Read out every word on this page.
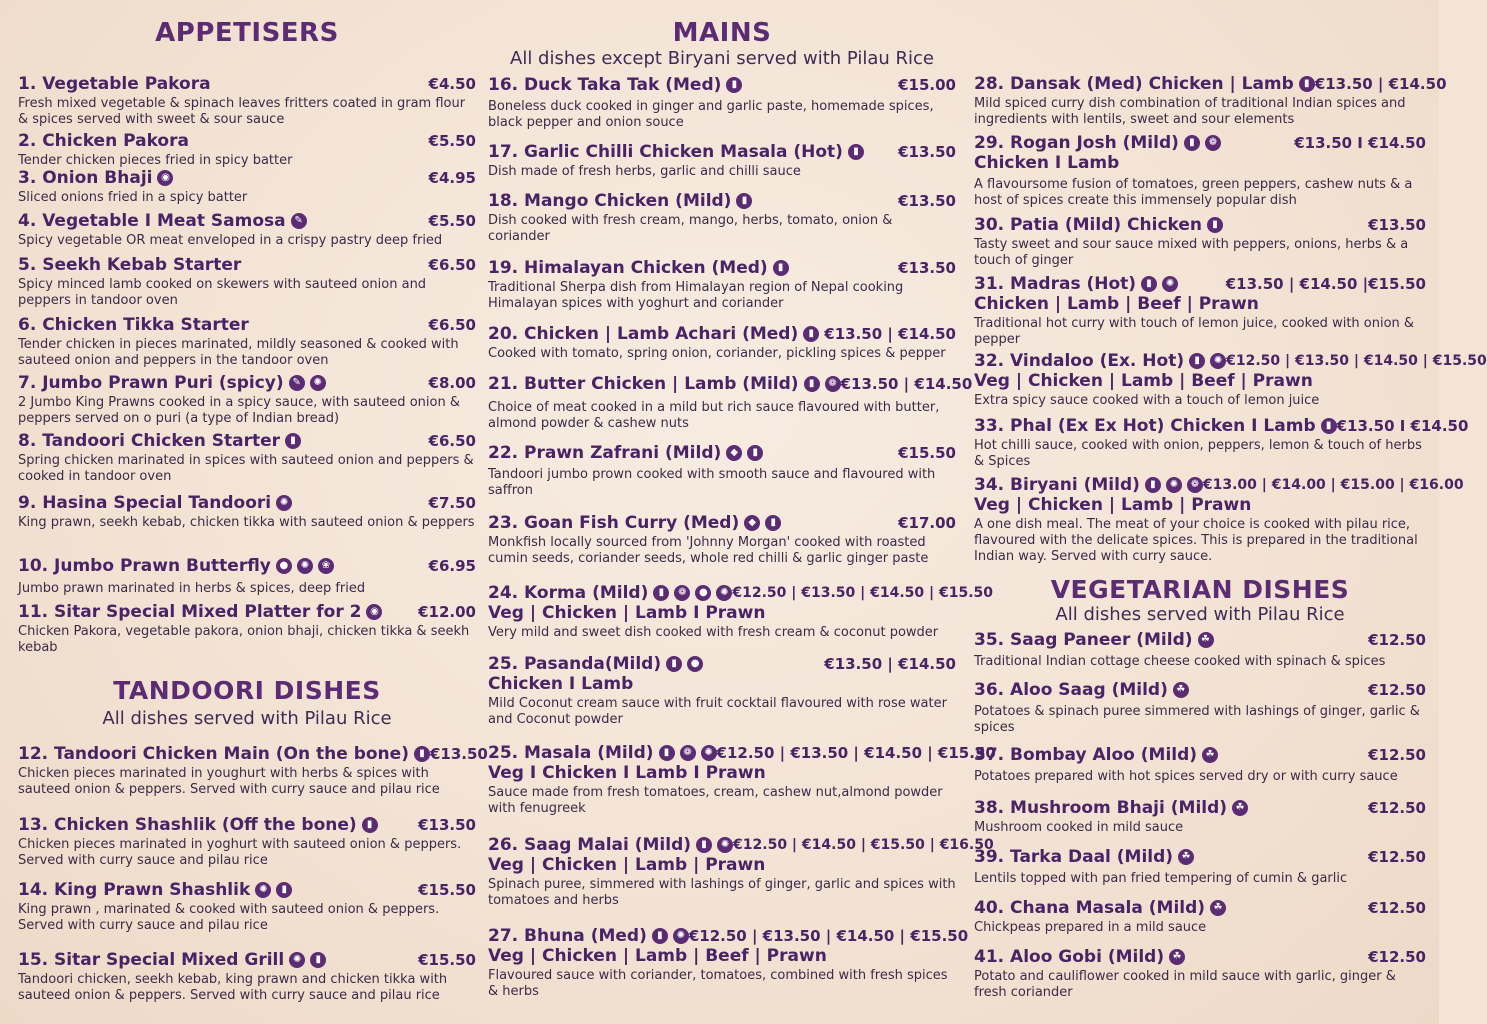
APPETISERS
1. Vegetable Pakora	€4.50
Fresh mixed vegetable & spinach leaves fritters coated in gram flour & spices served with sweet & sour sauce
2. Chicken Pakora	€5.50
Tender chicken pieces fried in spicy batter
3. Onion Bhaji ◉	€4.95
Sliced onions fried in a spicy batter
4. Vegetable I Meat Samosa ✎	€5.50
Spicy vegetable OR meat enveloped in a crispy pastry deep fried
5. Seekh Kebab Starter	€6.50
Spicy minced lamb cooked on skewers with sauteed onion and peppers in tandoor oven
6. Chicken Tikka Starter	€6.50
Tender chicken in pieces marinated, mildly seasoned & cooked with sauteed onion and peppers in the tandoor oven
7. Jumbo Prawn Puri (spicy) ✎	✺	€8.00
2 Jumbo King Prawns cooked in a spicy sauce, with sauteed onion & peppers served on o puri (a type of Indian bread)
8. Tandoori Chicken Starter	▮	€6.50
Spring chicken marinated in spices with sauteed onion and peppers & cooked in tandoor oven
9. Hasina Special Tandoori ✺	€7.50
King prawn, seekh kebab, chicken tikka with sauteed onion & peppers
10. Jumbo Prawn Butterfly ●	✺	❀	€6.95
Jumbo prawn marinated in herbs & spices, deep fried
11. Sitar Special Mixed Platter for 2 ◉	€12.00
Chicken Pakora, vegetable pakora, onion bhaji, chicken tikka & seekh kebab
TANDOORI DISHES
All dishes served with Pilau Rice
12. Tandoori Chicken Main (On the bone)	▮ €13.50
Chicken pieces marinated in youghurt with herbs & spices with sauteed onion & peppers. Served with curry sauce and pilau rice
13. Chicken Shashlik (Off the bone)	▮	€13.50
Chicken pieces marinated in yoghurt with sauteed onion & peppers. Served with curry sauce and pilau rice
14. King Prawn Shashlik ✺	▮	€15.50
King prawn , marinated & cooked with sauteed onion & peppers. Served with curry sauce and pilau rice
15. Sitar Special Mixed Grill ✺	▮	€15.50
Tandoori chicken, seekh kebab, king prawn and chicken tikka with sauteed onion & peppers. Served with curry sauce and pilau rice
MAINS
All dishes except Biryani served with Pilau Rice
16. Duck Taka Tak (Med)	▮	€15.00
Boneless duck cooked in ginger and garlic paste, homemade spices, black pepper and onion souce
17. Garlic Chilli Chicken Masala (Hot)	▮	€13.50
Dish made of fresh herbs, garlic and chilli sauce
18. Mango Chicken (Mild)	▮	€13.50
Dish cooked with fresh cream, mango, herbs, tomato, onion & coriander
19. Himalayan Chicken (Med)	▮	€13.50
Traditional Sherpa dish from Himalayan region of Nepal cooking Himalayan spices with yoghurt and coriander
20. Chicken | Lamb Achari (Med)	▮ €13.50 | €14.50
Cooked with tomato, spring onion, coriander, pickling spices & pepper
21. Butter Chicken | Lamb (Mild)	▮	❁ €13.50 | €14.50
Choice of meat cooked in a mild but rich sauce flavoured with butter, almond powder & cashew nuts
22. Prawn Zafrani (Mild) ◆	▮	€15.50
Tandoori jumbo prown cooked with smooth sauce and flavoured with saffron
23. Goan Fish Curry (Med) ◆	▮	€17.00
Monkfish locally sourced from 'Johnny Morgan' cooked with roasted cumin seeds, coriander seeds, whole red chilli & garlic ginger paste
24. Korma (Mild)	▮	❁	●	✺ €12.50 | €13.50 | €14.50 | €15.50
Veg | Chicken | Lamb I Prawn
Very mild and sweet dish cooked with fresh cream & coconut powder
25. Pasanda(Mild)	▮	●	€13.50 | €14.50
Chicken I Lamb
Mild Coconut cream sauce with fruit cocktail flavoured with rose water and Coconut powder
25. Masala (Mild)	▮	❁	✺ €12.50 | €13.50 | €14.50 | €15.50
Veg I Chicken I Lamb I Prawn
Sauce made from fresh tomatoes, cream, cashew nut,almond powder with fenugreek
26. Saag Malai (Mild)	▮	✺ €12.50 | €14.50 | €15.50 | €16.50
Veg | Chicken | Lamb | Prawn
Spinach puree, simmered with lashings of ginger, garlic and spices with tomatoes and herbs
27. Bhuna (Med)	▮	✺ €12.50 | €13.50 | €14.50 | €15.50
Veg | Chicken | Lamb | Beef | Prawn
Flavoured sauce with coriander, tomatoes, combined with fresh spices & herbs
28. Dansak (Med) Chicken | Lamb	▮ €13.50 | €14.50
Mild spiced curry dish combination of traditional Indian spices and ingredients with lentils, sweet and sour elements
29. Rogan Josh (Mild)	▮	❁	€13.50 I €14.50
Chicken I Lamb
A flavoursome fusion of tomatoes, green peppers, cashew nuts & a host of spices create this immensely popular dish
30. Patia (Mild) Chicken	▮	€13.50
Tasty sweet and sour sauce mixed with peppers, onions, herbs & a touch of ginger
31. Madras (Hot)	▮	✺	€13.50 | €14.50 |€15.50
Chicken | Lamb | Beef | Prawn
Traditional hot curry with touch of lemon juice, cooked with onion & pepper
32. Vindaloo (Ex. Hot)	▮	✺ €12.50 | €13.50 | €14.50 | €15.50
Veg | Chicken | Lamb | Beef | Prawn
Extra spicy sauce cooked with a touch of lemon juice
33. Phal (Ex Ex Hot) Chicken I Lamb	▮ €13.50 I €14.50
Hot chilli sauce, cooked with onion, peppers, lemon & touch of herbs & Spices
34. Biryani (Mild)	▮	✺	❁ €13.00 | €14.00 | €15.00 | €16.00
Veg | Chicken | Lamb | Prawn
A one dish meal. The meat of your choice is cooked with pilau rice, flavoured with the delicate spices. This is prepared in the traditional Indian way. Served with curry sauce.
VEGETARIAN DISHES
All dishes served with Pilau Rice
35. Saag Paneer (Mild) ☘	€12.50
Traditional Indian cottage cheese cooked with spinach & spices
36. Aloo Saag (Mild) ☘	€12.50
Potatoes & spinach puree simmered with lashings of ginger, garlic & spices
37. Bombay Aloo (Mild) ☘	€12.50
Potatoes prepared with hot spices served dry or with curry sauce
38. Mushroom Bhaji (Mild) ☘	€12.50
Mushroom cooked in mild sauce
39. Tarka Daal (Mild) ☘	€12.50
Lentils topped with pan fried tempering of cumin & garlic
40. Chana Masala (Mild) ☘	€12.50
Chickpeas prepared in a mild sauce
41. Aloo Gobi (Mild) ☘	€12.50
Potato and cauliflower cooked in mild sauce with garlic, ginger & fresh coriander
